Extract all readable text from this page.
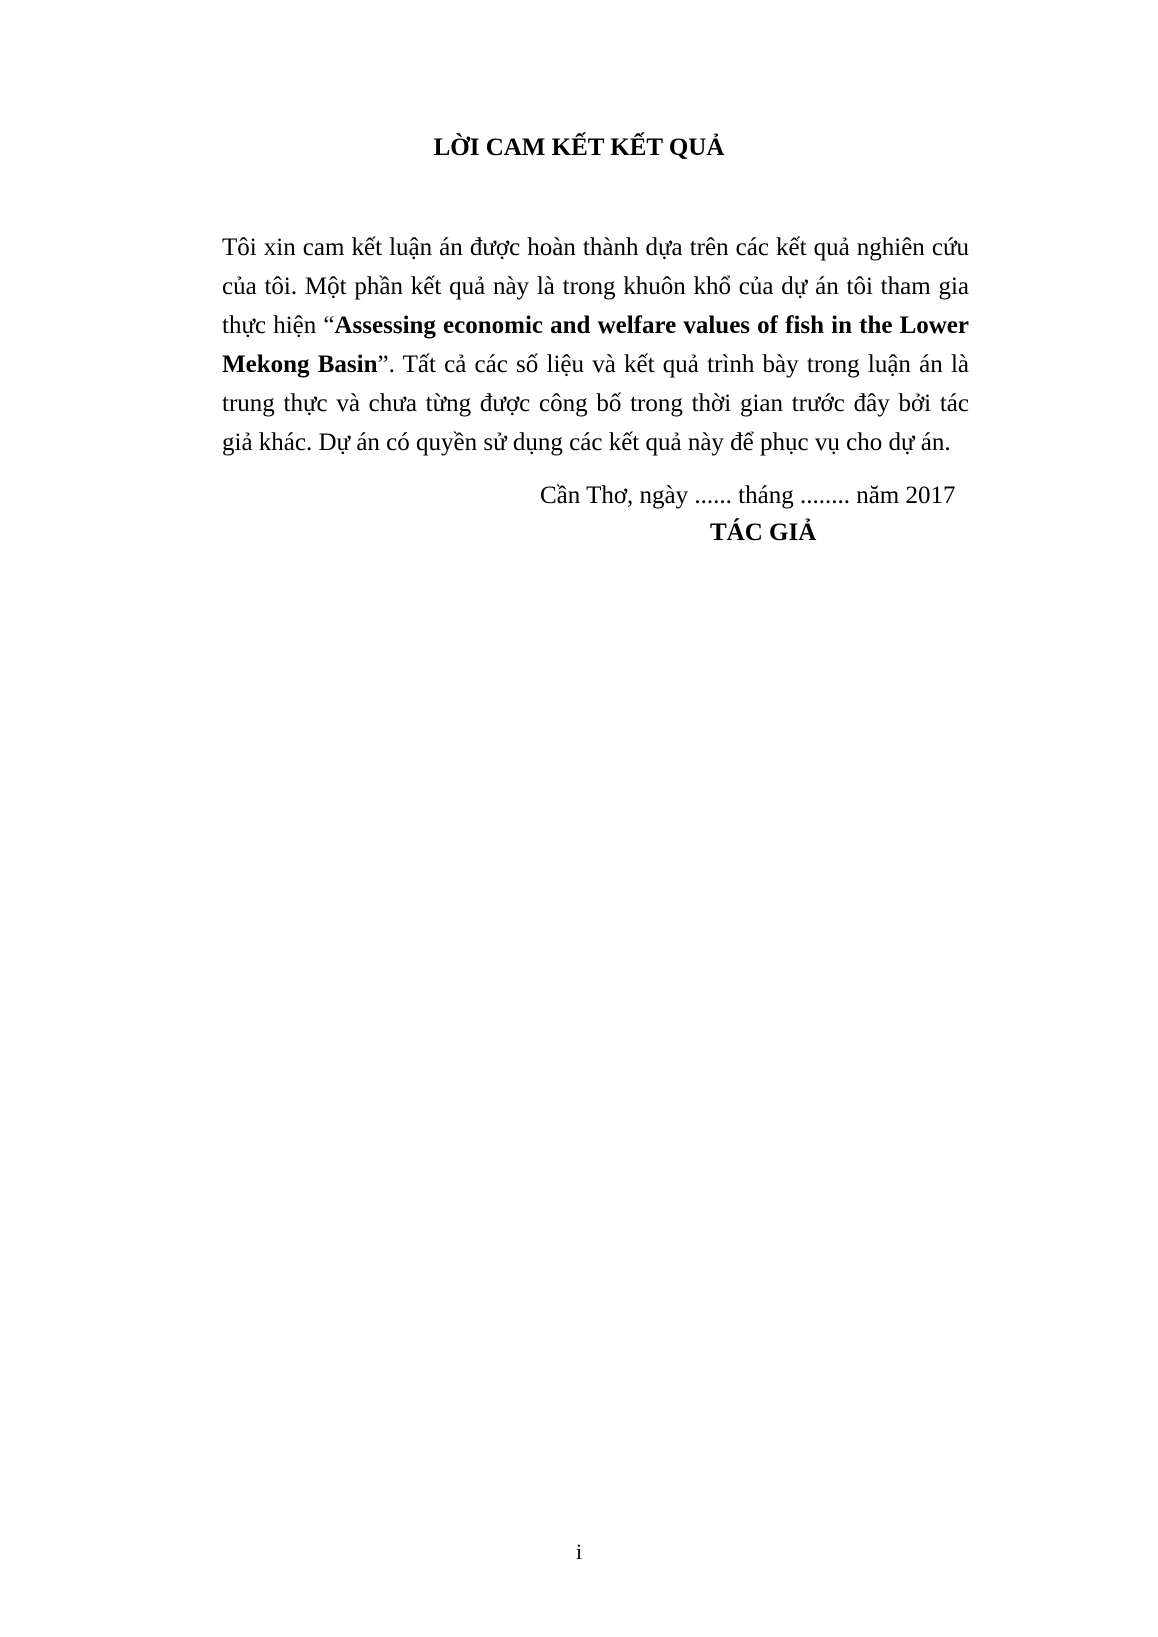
LỜI CAM KẾT KẾT QUẢ

Tôi xin cam kết luận án được hoàn thành dựa trên các kết quả nghiên cứu của tôi. Một phần kết quả này là trong khuôn khổ của dự án tôi tham gia thực hiện “Assessing economic and welfare values of fish in the Lower Mekong Basin”. Tất cả các số liệu và kết quả trình bày trong luận án là trung thực và chưa từng được công bố trong thời gian trước đây bởi tác giả khác. Dự án có quyền sử dụng các kết quả này để phục vụ cho dự án.

Cần Thơ, ngày ...... tháng ........ năm 2017

TÁC GIẢ

i
